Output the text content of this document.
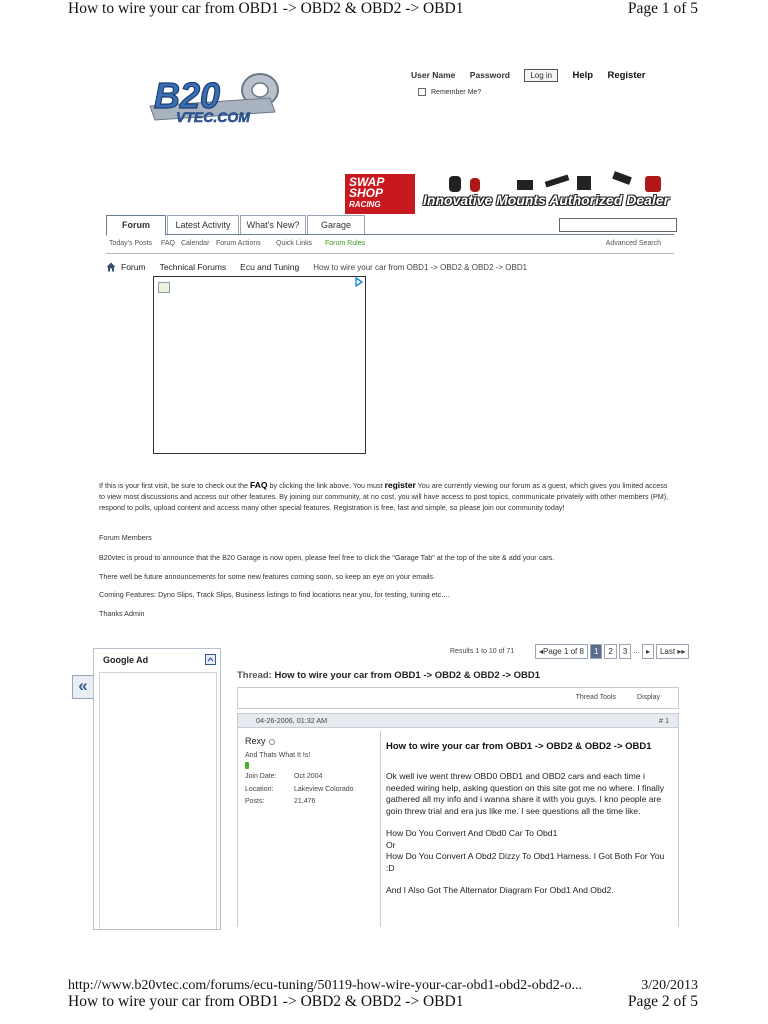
How to wire your car from OBD1 -> OBD2 & OBD2 -> OBD1	Page 1 of 5
B20
VTEC.COM
User Name Password	Log in Help Register
Remember Me?
SWAP
SHOP
RACING	Innovative Mounts Authorized Dealer
Forum	Latest Activity	What's New?	Garage
Today's Posts FAQ Calendar Forum Actions Quick Links Forum Rules	Advanced Search
Forum Technical Forums Ecu and Tuning How to wire your car from OBD1 -> OBD2 & OBD2 -> OBD1
If this is your first visit, be sure to check out the FAQ by clicking the link above. You must register You are currently viewing our forum as a guest, which gives you limited access to view most discussions and access our other features. By joining our community, at no cost, you will have access to post topics, communicate privately with other members (PM), respond to polls, upload content and access many other special features. Registration is free, fast and simple, so please join our community today!
Forum Members
B20vtec is proud to announce that the B20 Garage is now open, please feel free to click the "Garage Tab" at the top of the site & add your cars.
There well be future announcements for some new features coming soon, so keep an eye on your emails.
Coming Features: Dyno Slips, Track Slips, Business listings to find locations near you, for testing, tuning etc....
Thanks Admin
«
Google Ad
Results 1 to 10 of 71	◂Page 1 of 8	1	2	3 ... ▸	Last ▸▸
Thread: How to wire your car from OBD1 -> OBD2 & OBD2 -> OBD1
Thread Tools	Display
04-26-2006, 01:32 AM	# 1
Rexy
And Thats What It Is!
Join Date: Oct 2004
Location:	Lakeview Colorado
Posts:	21,476
How to wire your car from OBD1 -> OBD2 & OBD2 -> OBD1

Ok well ive went threw OBD0 OBD1 and OBD2 cars and each time i needed wiring help, asking question on this site got me no where. I finally gathered all my info and i wanna share it with you guys. I kno people are goin threw trial and era jus like me. I see questions all the time like.

How Do You Convert And Obd0 Car To Obd1
Or
How Do You Convert A Obd2 Dizzy To Obd1 Harness. I Got Both For You :D

And I Also Got The Alternator Diagram For Obd1 And Obd2.

http://www.b20vtec.com/forums/ecu-tuning/50119-how-wire-your-car-obd1-obd2-obd2-o...	3/20/2013
How to wire your car from OBD1 -> OBD2 & OBD2 -> OBD1	Page 2 of 5
